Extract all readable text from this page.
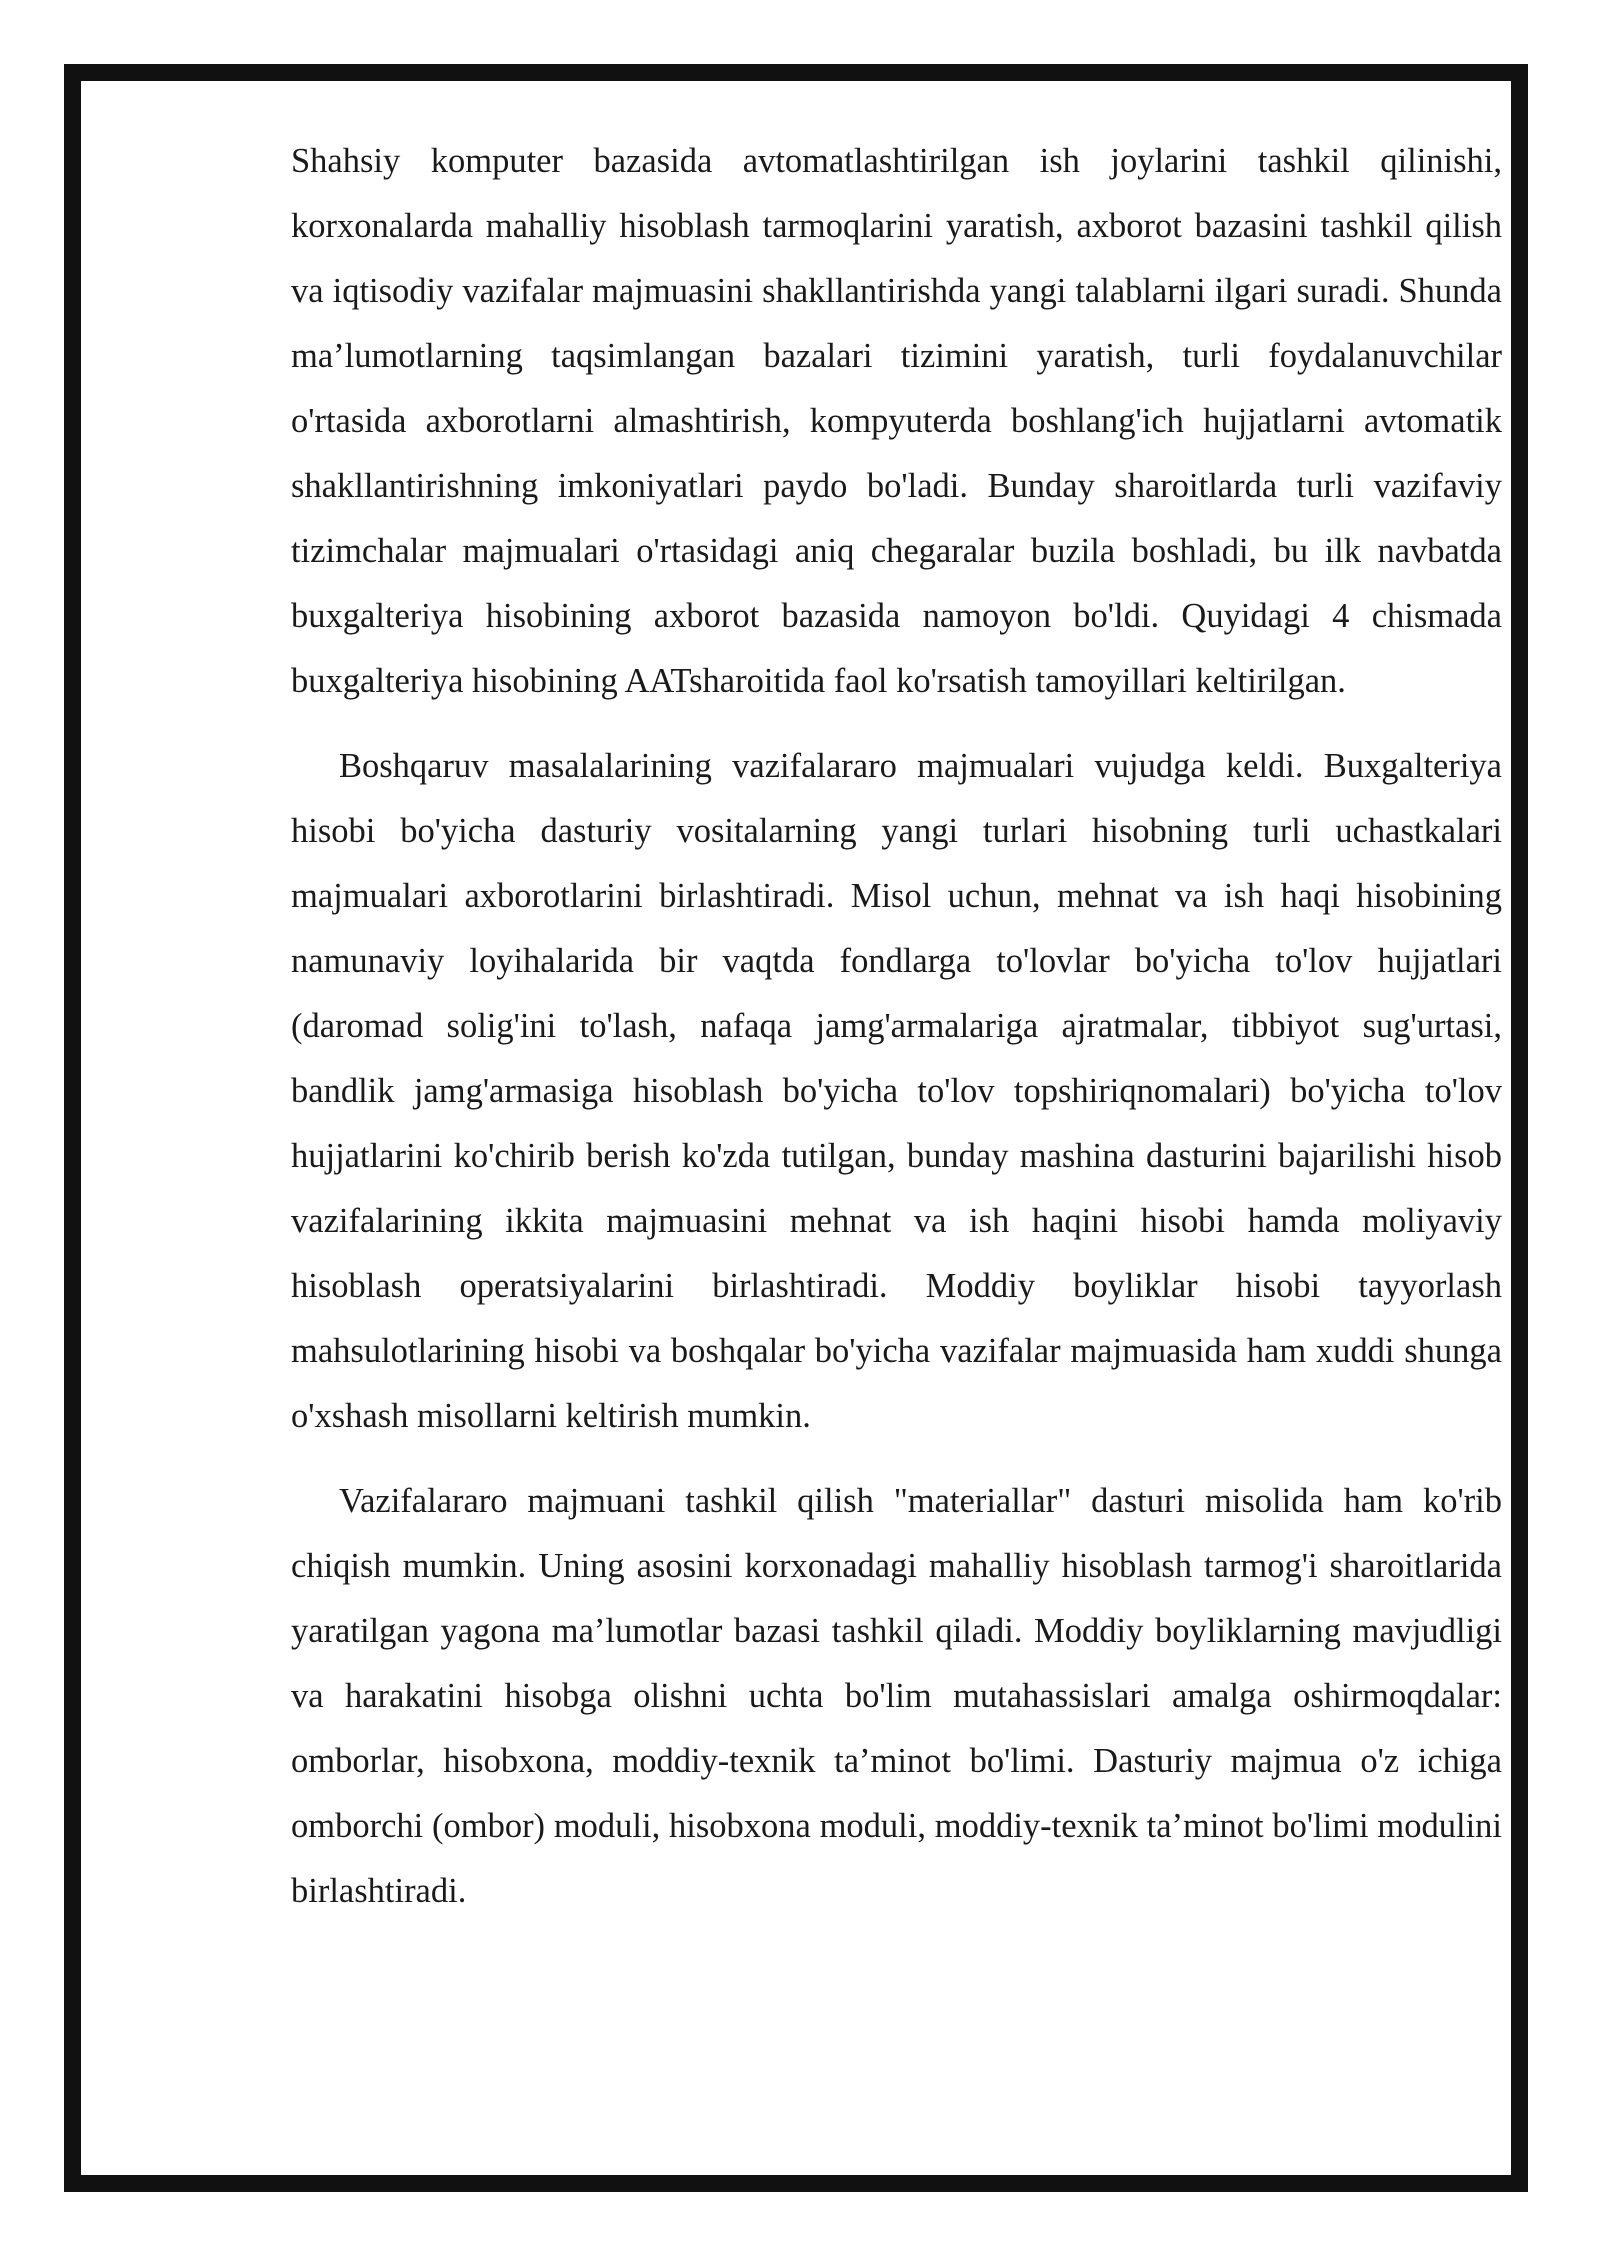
Shahsiy komputer bazasida avtomatlashtirilgan ish joylarini tashkil qilinishi, korxonalarda mahalliy hisoblash tarmoqlarini yaratish, axborot bazasini tashkil qilish va iqtisodiy vazifalar majmuasini shakllantirishda yangi talablarni ilgari suradi. Shunda ma’lumotlarning taqsimlangan bazalari tizimini yaratish, turli foydalanuvchilar o'rtasida axborotlarni almashtirish, kompyuterda boshlang'ich hujjatlarni avtomatik shakllantirishning imkoniyatlari paydo bo'ladi. Bunday sharoitlarda turli vazifaviy tizimchalar majmualari o'rtasidagi aniq chegaralar buzila boshladi, bu ilk navbatda buxgalteriya hisobining axborot bazasida namoyon bo'ldi. Quyidagi 4 chismada buxgalteriya hisobining AATsharoitida faol ko'rsatish tamoyillari keltirilgan.

Boshqaruv masalalarining vazifalararo majmualari vujudga keldi. Buxgalteriya hisobi bo'yicha dasturiy vositalarning yangi turlari hisobning turli uchastkalari majmualari axborotlarini birlashtiradi. Misol uchun, mehnat va ish haqi hisobining namunaviy loyihalarida bir vaqtda fondlarga to'lovlar bo'yicha to'lov hujjatlari (daromad solig'ini to'lash, nafaqa jamg'armalariga ajratmalar, tibbiyot sug'urtasi, bandlik jamg'armasiga hisoblash bo'yicha to'lov topshiriqnomalari) bo'yicha to'lov hujjatlarini ko'chirib berish ko'zda tutilgan, bunday mashina dasturini bajarilishi hisob vazifalarining ikkita majmuasini mehnat va ish haqini hisobi hamda moliyaviy hisoblash operatsiyalarini birlashtiradi. Moddiy boyliklar hisobi tayyorlash mahsulotlarining hisobi va boshqalar bo'yicha vazifalar majmuasida ham xuddi shunga o'xshash misollarni keltirish mumkin.

Vazifalararo majmuani tashkil qilish "materiallar" dasturi misolida ham ko'rib chiqish mumkin. Uning asosini korxonadagi mahalliy hisoblash tarmog'i sharoitlarida yaratilgan yagona ma’lumotlar bazasi tashkil qiladi. Moddiy boyliklarning mavjudligi va harakatini hisobga olishni uchta bo'lim mutahassislari amalga oshirmoqdalar: omborlar, hisobxona, moddiy-texnik ta’minot bo'limi. Dasturiy majmua o'z ichiga omborchi (ombor) moduli, hisobxona moduli, moddiy-texnik ta’minot bo'limi modulini birlashtiradi.
